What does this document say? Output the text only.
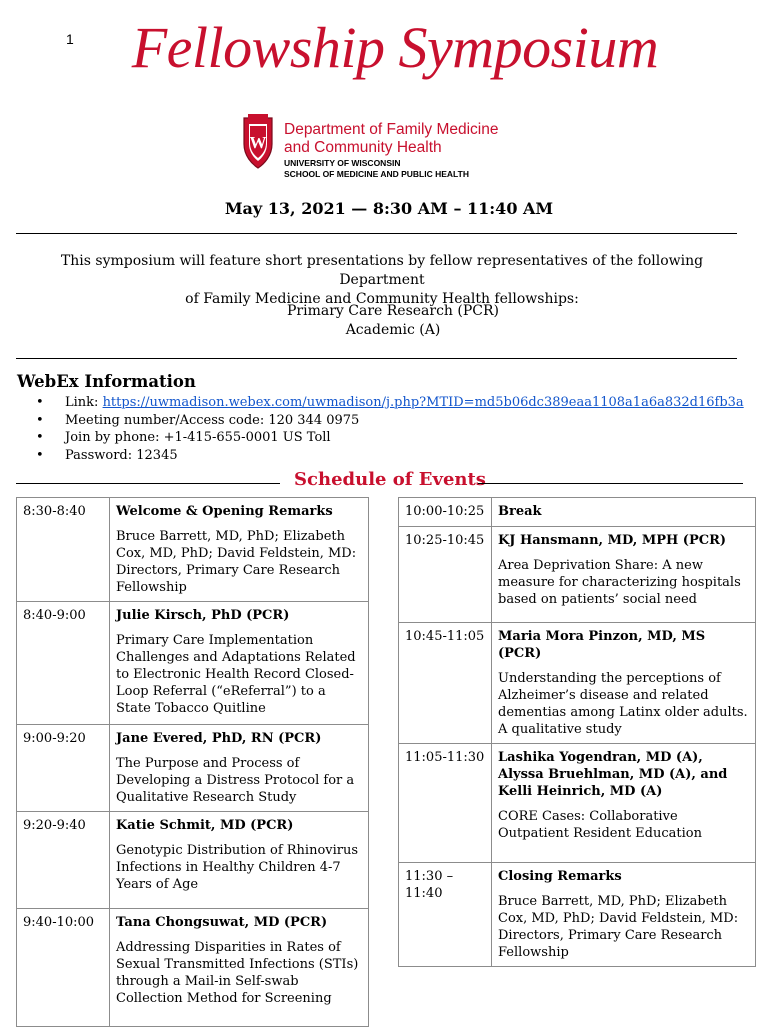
1 Fellowship Symposium
W
Department of Family Medicine
and Community Health
UNIVERSITY OF WISCONSIN
SCHOOL OF MEDICINE AND PUBLIC HEALTH
May 13, 2021 — 8:30 AM – 11:40 AM
This symposium will feature short presentations by fellow representatives of the following Department
of Family Medicine and Community Health fellowships:
Primary Care Research (PCR)
Academic (A)
WebEx Information
• Link: https://uwmadison.webex.com/uwmadison/j.php?MTID=md5b06dc389eaa1108a1a6a832d16fb3a
• Meeting number/Access code: 120 344 0975
• Join by phone: +1-415-655-0001 US Toll
• Password: 12345
Schedule of Events
8:30-8:40	Welcome & Opening Remarks
Bruce Barrett, MD, PhD; Elizabeth Cox, MD, PhD; David Feldstein, MD: Directors, Primary Care Research Fellowship

8:40-9:00	Julie Kirsch, PhD (PCR)
Primary Care Implementation Challenges and Adaptations Related to Electronic Health Record Closed-Loop Referral (“eReferral”) to a State Tobacco Quitline

9:00-9:20	Jane Evered, PhD, RN (PCR)
The Purpose and Process of Developing a Distress Protocol for a Qualitative Research Study

9:20-9:40	Katie Schmit, MD (PCR)
Genotypic Distribution of Rhinovirus Infections in Healthy Children 4-7 Years of Age

9:40-10:00	Tana Chongsuwat, MD (PCR)
Addressing Disparities in Rates of Sexual Transmitted Infections (STIs) through a Mail-in Self-swab Collection Method for Screening
10:00-10:25	Break

10:25-10:45	KJ Hansmann, MD, MPH (PCR)
Area Deprivation Share: A new measure for characterizing hospitals based on patients’ social need

10:45-11:05	Maria Mora Pinzon, MD, MS (PCR)
Understanding the perceptions of Alzheimer’s disease and related dementias among Latinx older adults. A qualitative study

11:05-11:30	Lashika Yogendran, MD (A), Alyssa Bruehlman, MD (A), and Kelli Heinrich, MD (A)
CORE Cases: Collaborative Outpatient Resident Education

11:30 – 11:40	Closing Remarks
Bruce Barrett, MD, PhD; Elizabeth Cox, MD, PhD; David Feldstein, MD: Directors, Primary Care Research Fellowship
